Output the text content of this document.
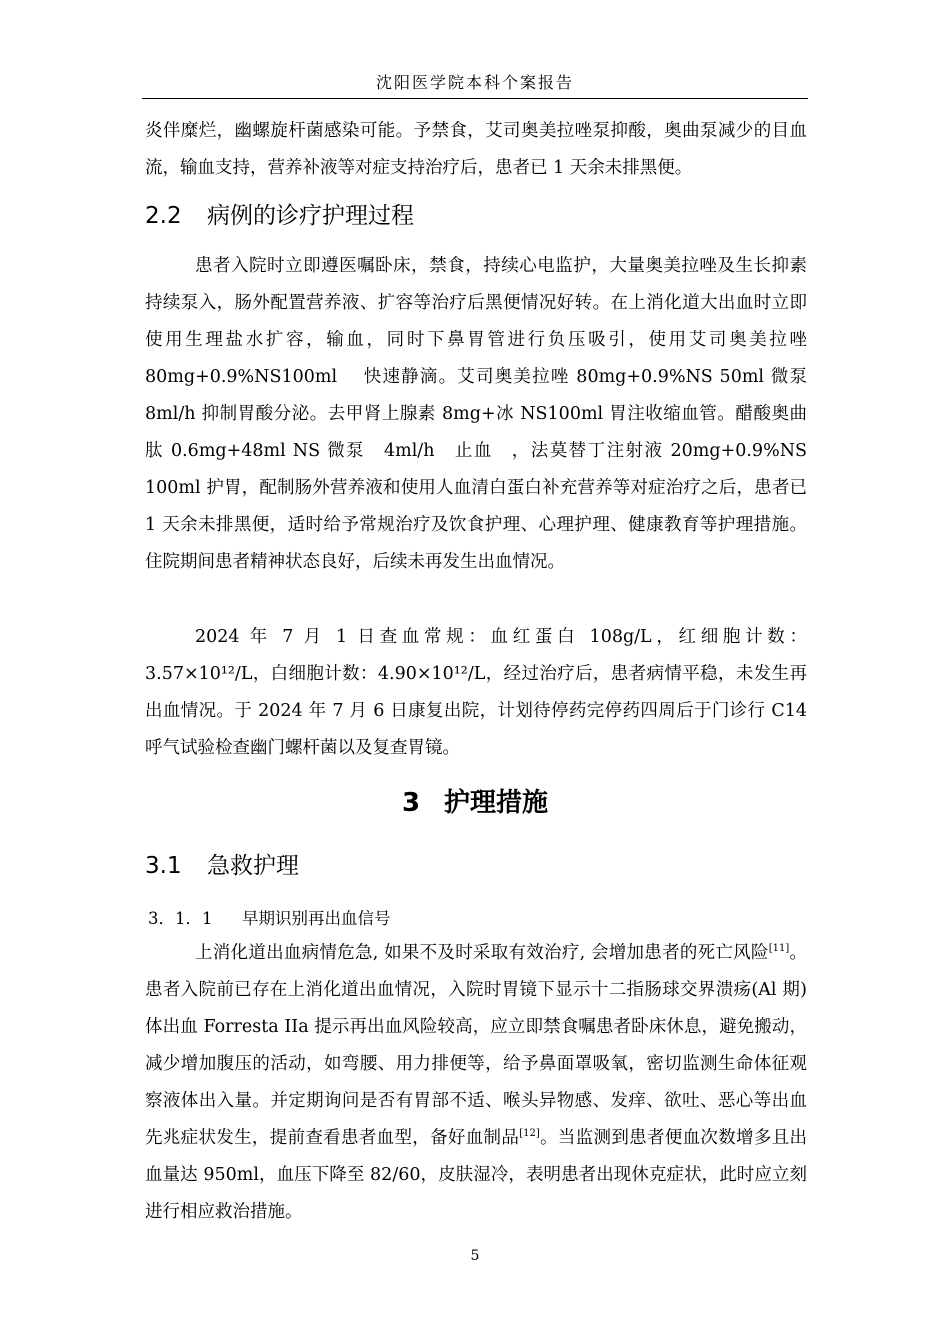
沈阳医学院本科个案报告

炎伴糜烂，幽螺旋杆菌感染可能。予禁食，艾司奥美拉唑泵抑酸，奥曲泵减少的目血流，输血支持，营养补液等对症支持治疗后，患者已 1 天余未排黑便。

2.2 病例的诊疗护理过程

患者入院时立即遵医嘱卧床，禁食，持续心电监护，大量奥美拉唑及生长抑素持续泵入，肠外配置营养液、扩容等治疗后黑便情况好转。在上消化道大出血时立即使用生理盐水扩容，输血，同时下鼻胃管进行负压吸引，使用艾司奥美拉唑 80mg+0.9%NS100ml　 快速静滴。艾司奥美拉唑 80mg+0.9%NS 50ml 微泵　8ml/h 抑制胃酸分泌。去甲肾上腺素 8mg+冰 NS100ml 胃注收缩血管。醋酸奥曲肽 0.6mg+48ml NS 微泵　4ml/h　止血　，法莫替丁注射液 20mg+0.9%NS 100ml 护胃，配制肠外营养液和使用人血清白蛋白补充营养等对症治疗之后，患者已 1 天余未排黑便，适时给予常规治疗及饮食护理、心理护理、健康教育等护理措施。住院期间患者精神状态良好，后续未再发生出血情况。

2024 年 7 月 1 日查血常规：血红蛋白 108g/L，红细胞计数：3.57×10¹²/L，白细胞计数：4.90×10¹²/L，经过治疗后，患者病情平稳，未发生再出血情况。于 2024 年 7 月 6 日康复出院，计划待停药完停药四周后于门诊行 C14 呼气试验检查幽门螺杆菌以及复查胃镜。

3 护理措施
3.1 急救护理
3．1．1 早期识别再出血信号

上消化道出血病情危急, 如果不及时采取有效治疗, 会增加患者的死亡风险[11]。患者入院前已存在上消化道出血情况，入院时胃镜下显示十二指肠球交界溃疡(Al 期)体出血 Forresta IIa 提示再出血风险较高，应立即禁食嘱患者卧床休息，避免搬动，减少增加腹压的活动，如弯腰、用力排便等，给予鼻面罩吸氧，密切监测生命体征观察液体出入量。并定期询问是否有胃部不适、喉头异物感、发痒、欲吐、恶心等出血先兆症状发生，提前查看患者血型，备好血制品[12]。当监测到患者便血次数增多且出血量达 950ml，血压下降至 82/60，皮肤湿冷，表明患者出现休克症状，此时应立刻进行相应救治措施。

5
